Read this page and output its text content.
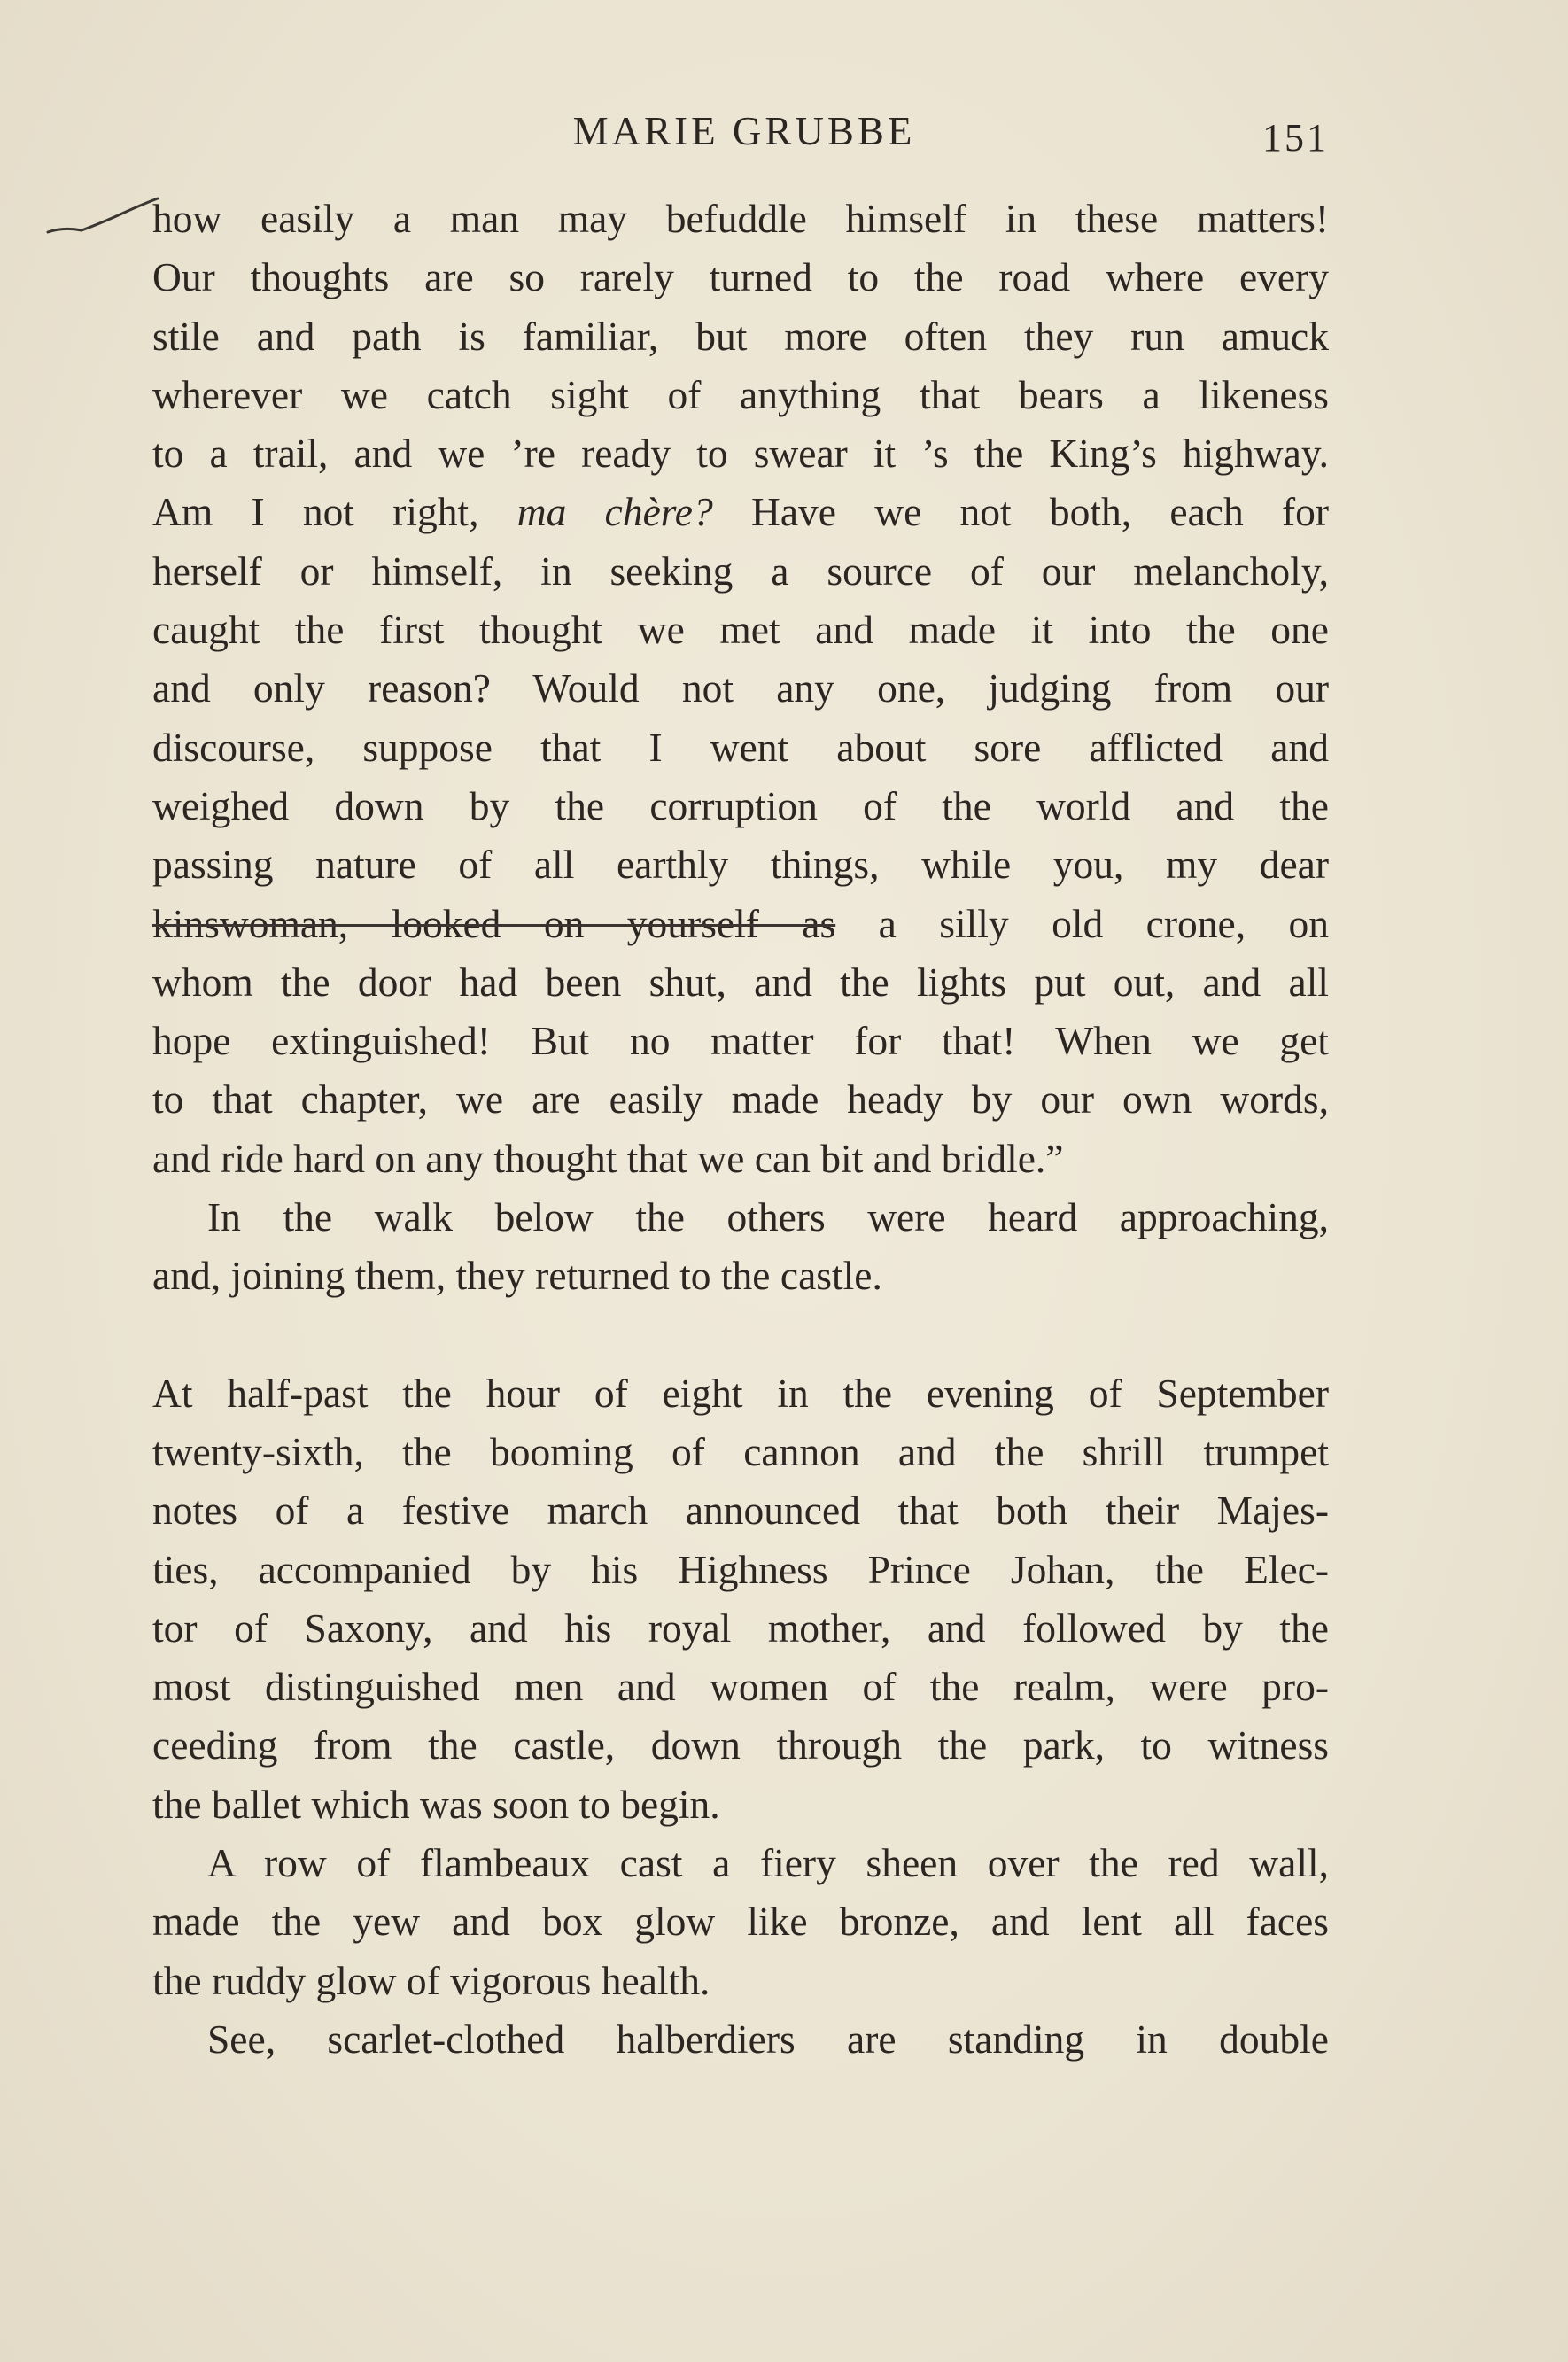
MARIE GRUBBE	151
how easily a man may befuddle himself in these matters!
Our thoughts are so rarely turned to the road where every
stile and path is familiar, but more often they run amuck
wherever we catch sight of anything that bears a likeness
to a trail, and we ’re ready to swear it ’s the King’s highway.
Am I not right, ma chère? Have we not both, each for
herself or himself, in seeking a source of our melancholy,
caught the first thought we met and made it into the one
and only reason? Would not any one, judging from our
discourse, suppose that I went about sore afflicted and
weighed down by the corruption of the world and the
passing nature of all earthly things, while you, my dear
kinswoman, looked on yourself as a silly old crone, on
whom the door had been shut, and the lights put out, and all
hope extinguished! But no matter for that! When we get
to that chapter, we are easily made heady by our own words,
and ride hard on any thought that we can bit and bridle.”
In the walk below the others were heard approaching,
and, joining them, they returned to the castle.
At half-past the hour of eight in the evening of September
twenty-sixth, the booming of cannon and the shrill trumpet
notes of a festive march announced that both their Majes-
ties, accompanied by his Highness Prince Johan, the Elec-
tor of Saxony, and his royal mother, and followed by the
most distinguished men and women of the realm, were pro-
ceeding from the castle, down through the park, to witness
the ballet which was soon to begin.
A row of flambeaux cast a fiery sheen over the red wall,
made the yew and box glow like bronze, and lent all faces
the ruddy glow of vigorous health.
See, scarlet-clothed halberdiers are standing in double
